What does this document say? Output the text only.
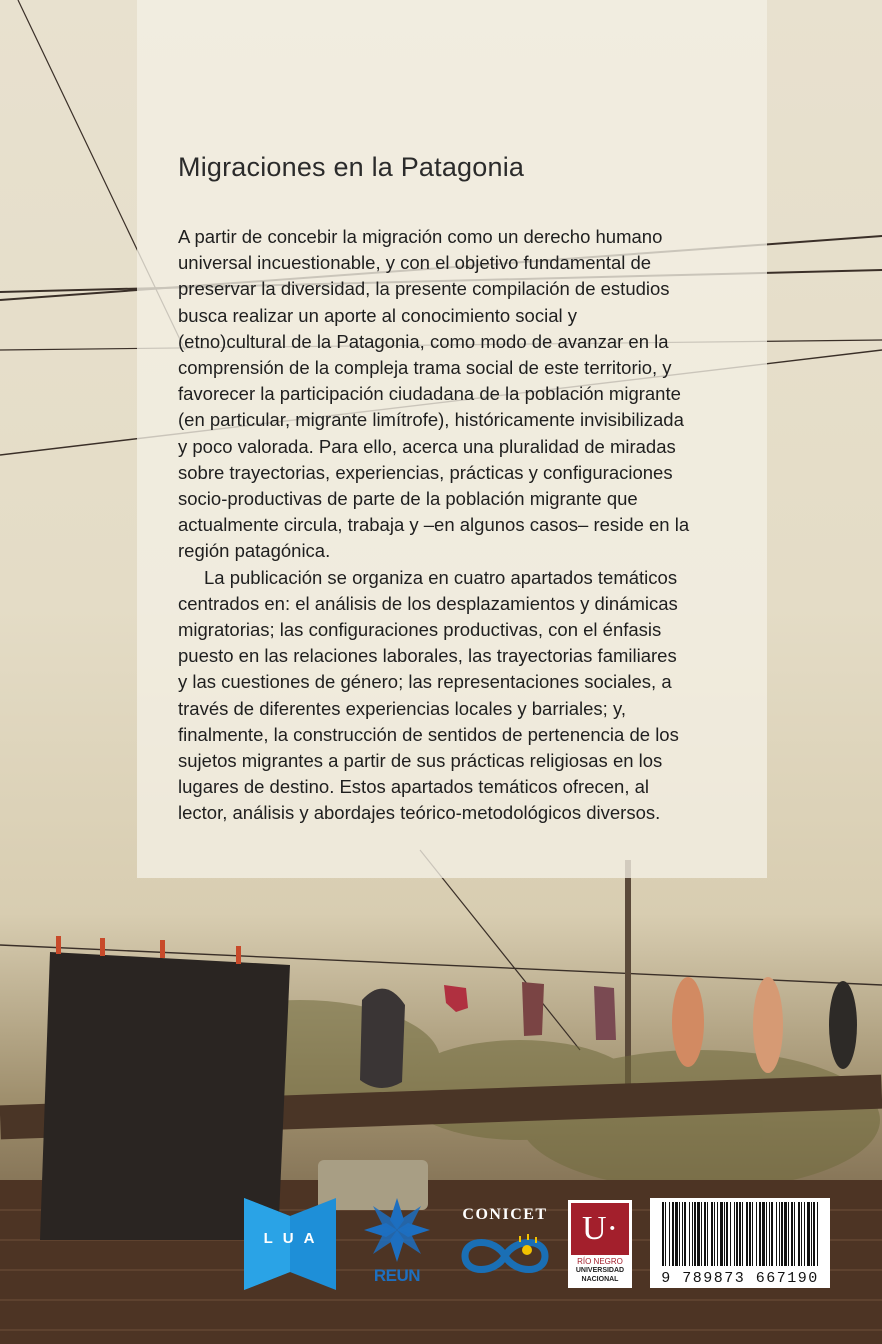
Migraciones en la Patagonia

A partir de concebir la migración como un derecho humano universal incuestionable, y con el objetivo fundamental de preservar la diversidad, la presente compilación de estudios busca realizar un aporte al conocimiento social y (etno)cultural de la Patagonia, como modo de avanzar en la comprensión de la compleja trama social de este territorio, y favorecer la participación ciudadana de la población migrante (en particular, migrante limítrofe), históricamente invisibilizada y poco valorada. Para ello, acerca una pluralidad de miradas sobre trayectorias, experiencias, prácticas y configuraciones socio-productivas de parte de la población migrante que actualmente circula, trabaja y –en algunos casos– reside en la región patagónica.

La publicación se organiza en cuatro apartados temáticos centrados en: el análisis de los desplazamientos y dinámicas migratorias; las configuraciones productivas, con el énfasis puesto en las relaciones laborales, las trayectorias familiares y las cuestiones de género; las representaciones sociales, a través de diferentes experiencias locales y barriales; y, finalmente, la construcción de sentidos de pertenencia de los sujetos migrantes a partir de sus prácticas religiosas en los lugares de destino. Estos apartados temáticos ofrecen, al lector, análisis y abordajes teórico-metodológicos diversos.

LUA
REUN
CONICET	U·
RÍO NEGRO
UNIVERSIDAD
NACIONAL	9 789873 667190
